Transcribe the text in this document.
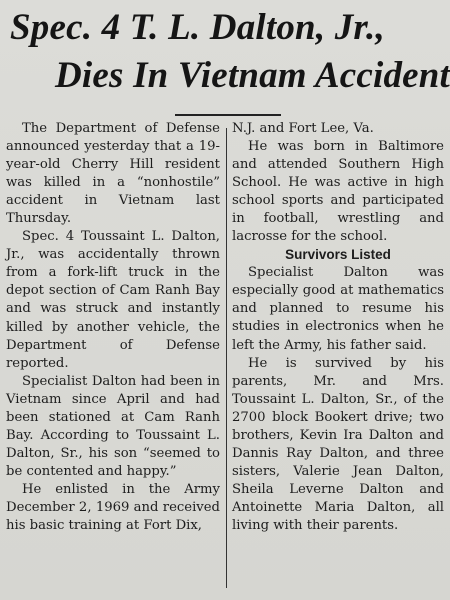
Spec. 4 T. L. Dalton, Jr.,
Dies In Vietnam Accident

The Department of Defense announced yesterday that a 19-year-old Cherry Hill resident was killed in a “nonhostile” accident in Vietnam last Thursday.

Spec. 4 Toussaint L. Dalton, Jr., was accidentally thrown from a fork-lift truck in the depot section of Cam Ranh Bay and was struck and instantly killed by another vehicle, the Department of Defense reported.

Specialist Dalton had been in Vietnam since April and had been stationed at Cam Ranh Bay. According to Toussaint L. Dalton, Sr., his son “seemed to be contented and happy.”

He enlisted in the Army December 2, 1969 and received his basic training at Fort Dix,

N.J. and Fort Lee, Va.

He was born in Baltimore and attended Southern High School. He was active in high school sports and participated in football, wrestling and lacrosse for the school.

Survivors Listed

Specialist Dalton was especially good at mathematics and planned to resume his studies in electronics when he left the Army, his father said.

He is survived by his parents, Mr. and Mrs. Toussaint L. Dalton, Sr., of the 2700 block Bookert drive; two brothers, Kevin Ira Dalton and Dannis Ray Dalton, and three sisters, Valerie Jean Dalton, Sheila Leverne Dalton and Antoinette Maria Dalton, all living with their parents.
